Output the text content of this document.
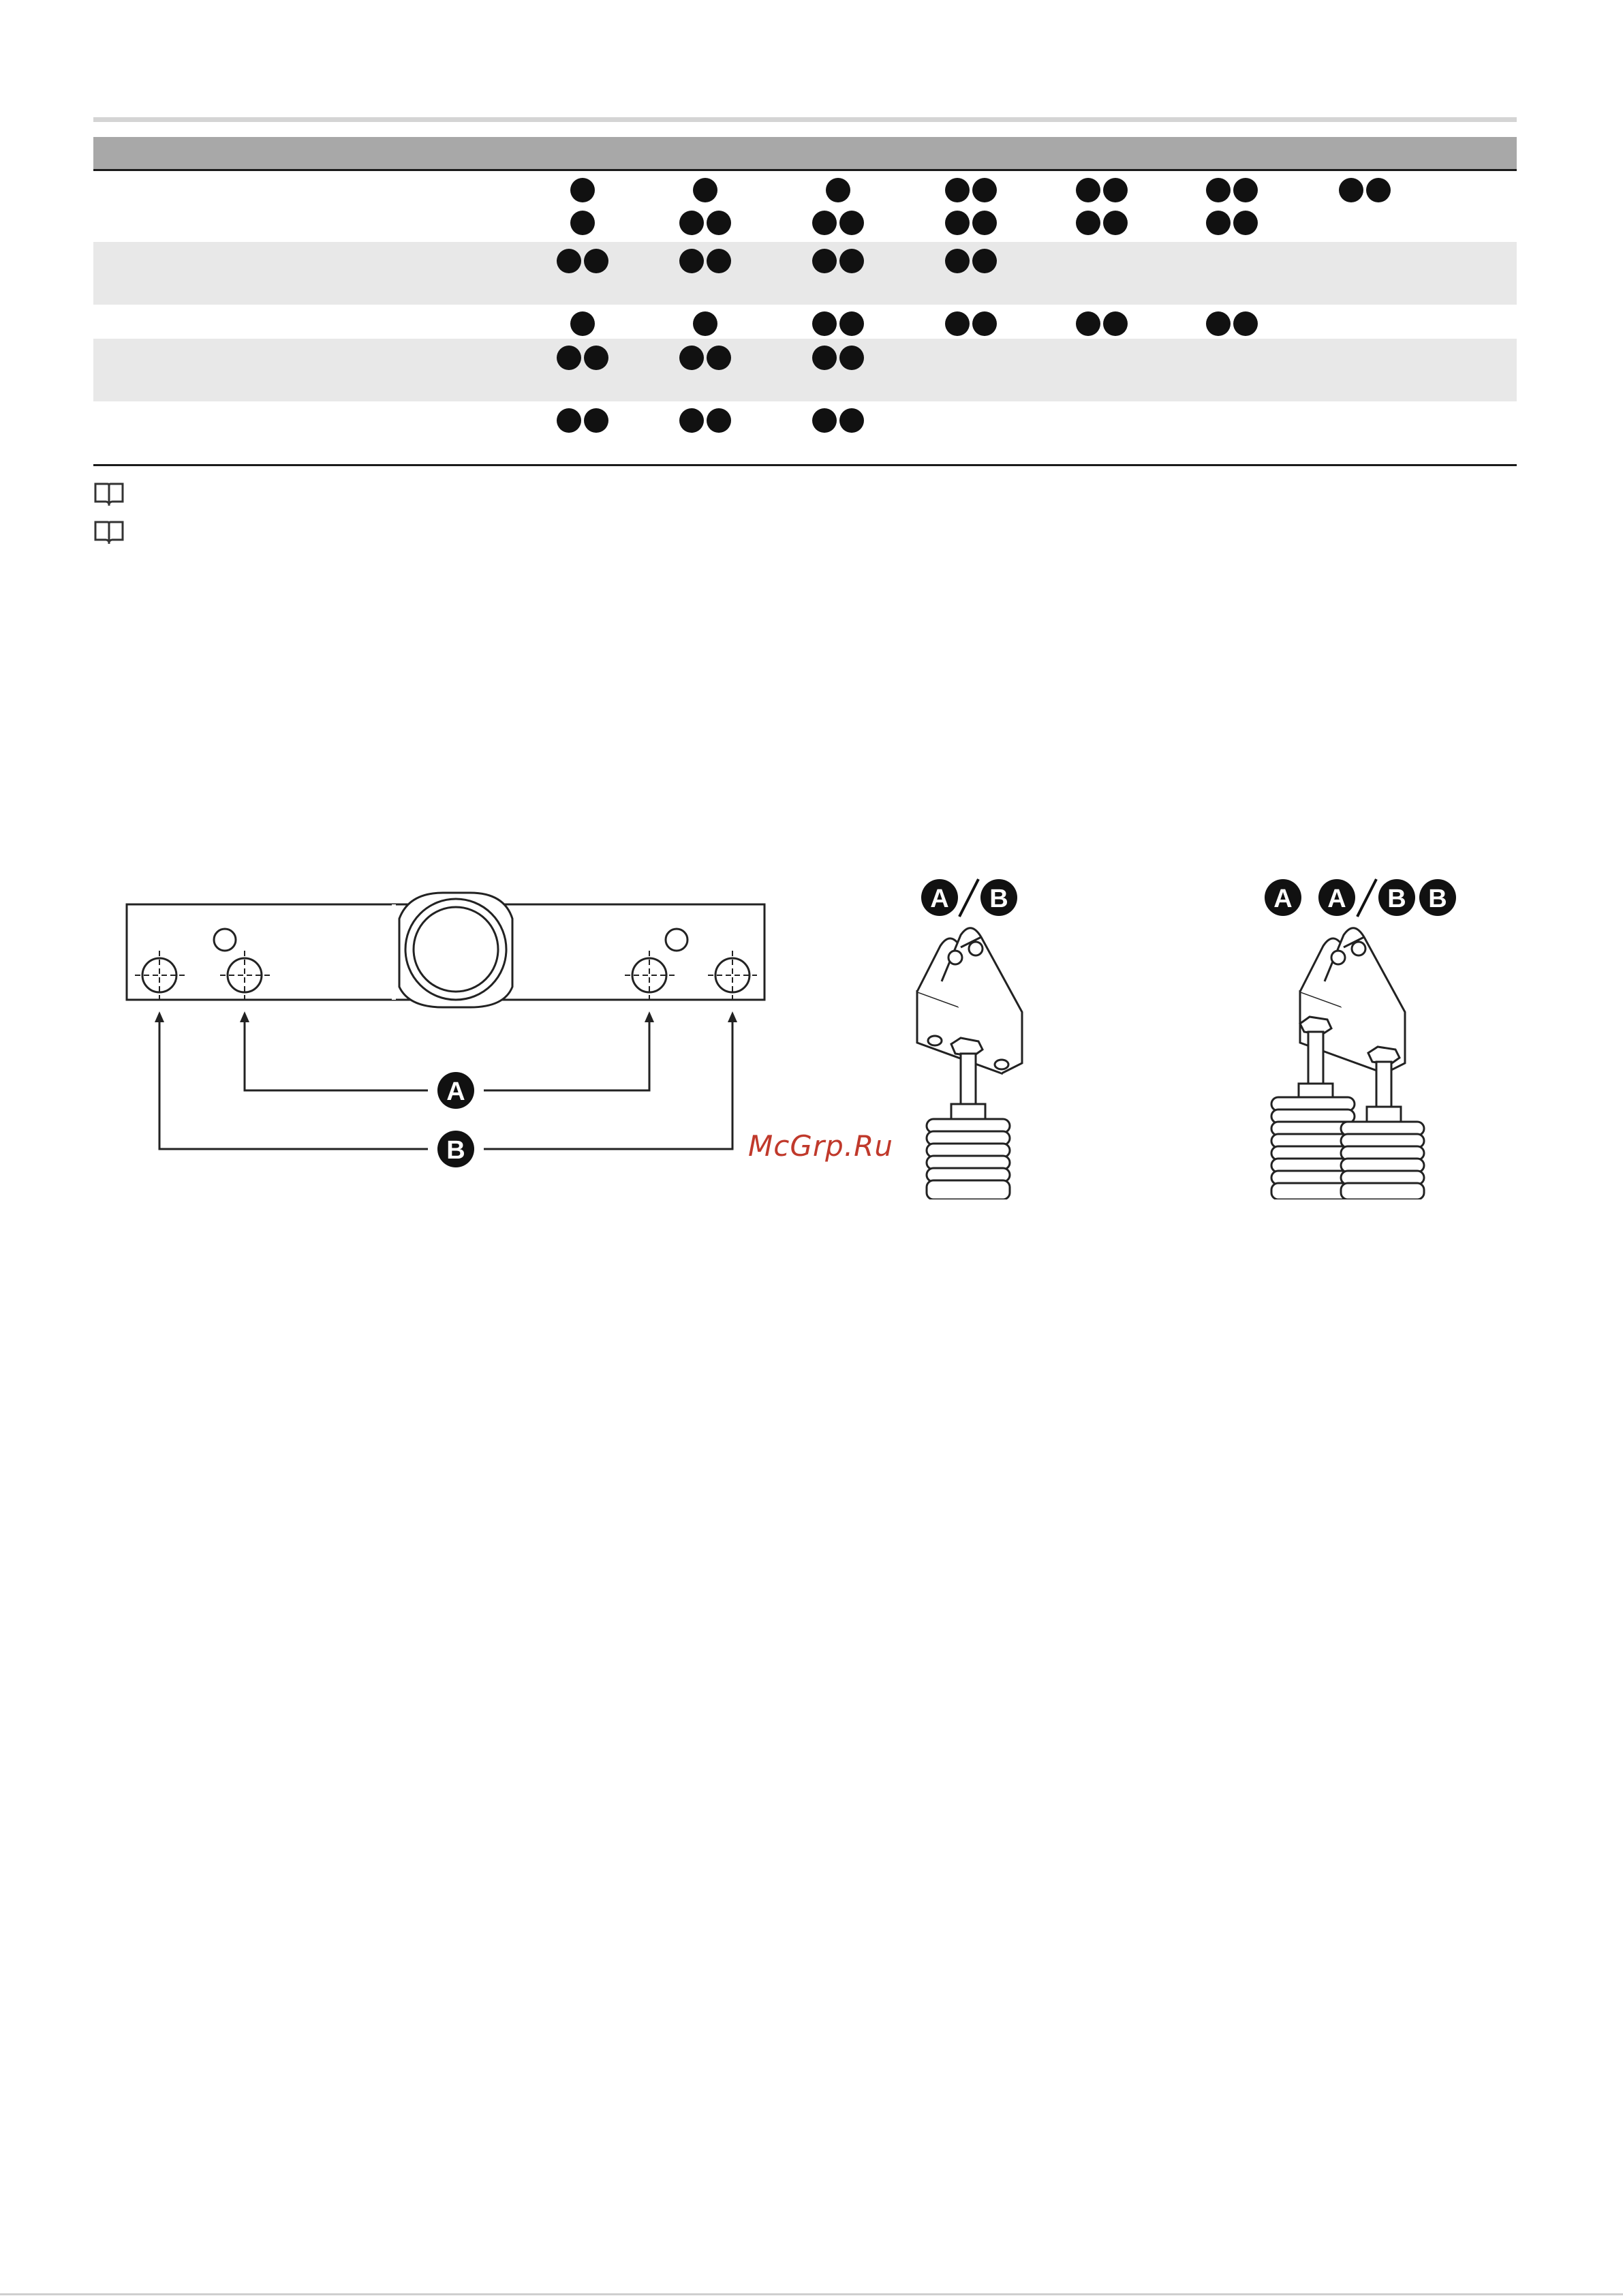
A
B
A B	A A B B
McGrp.Ru
